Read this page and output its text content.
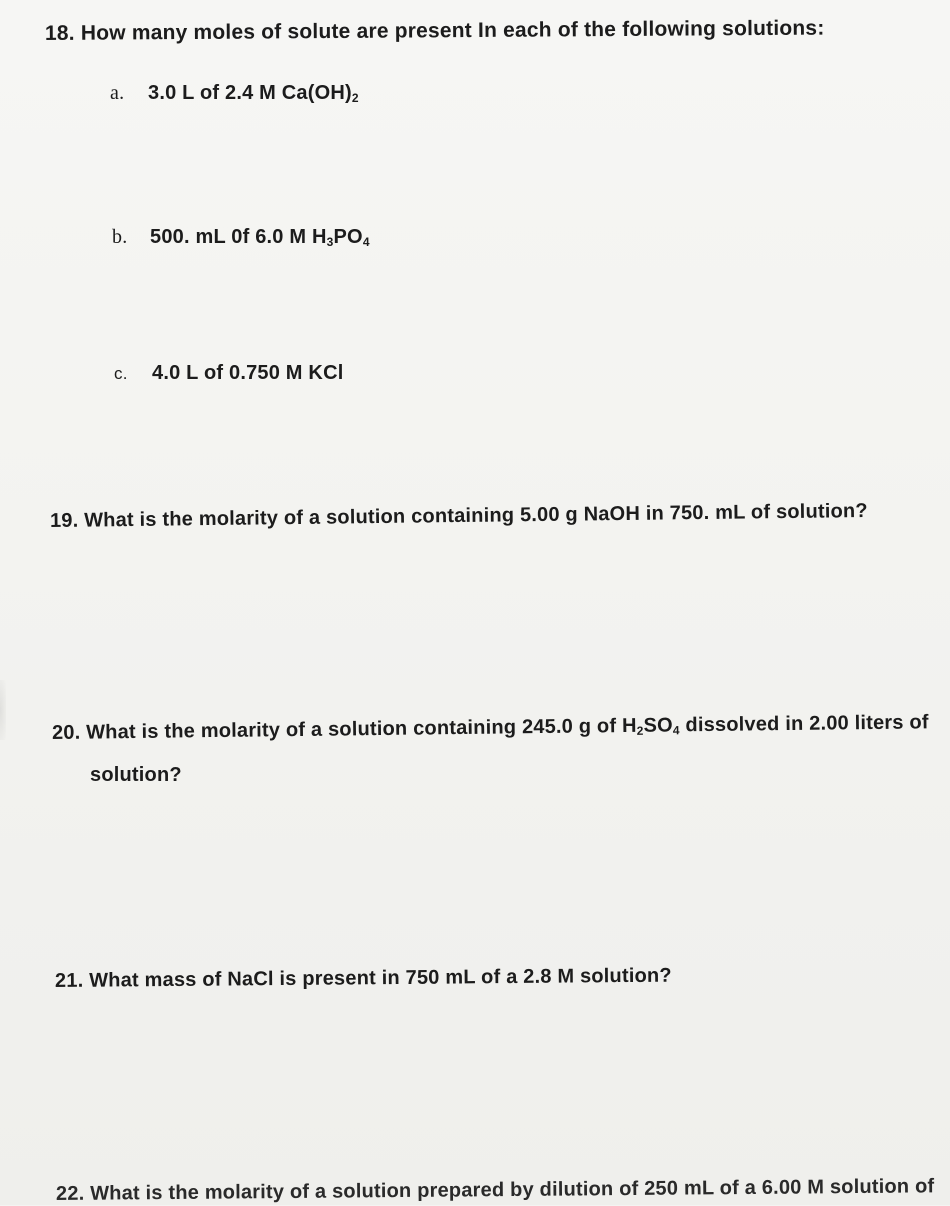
18. How many moles of solute are present In each of the following solutions:
a. 3.0 L of 2.4 M Ca(OH)2
b. 500. mL 0f 6.0 M H3PO4
c. 4.0 L of 0.750 M KCl
19. What is the molarity of a solution containing 5.00 g NaOH in 750. mL of solution?
20. What is the molarity of a solution containing 245.0 g of H2SO4 dissolved in 2.00 liters of
solution?
21. What mass of NaCl is present in 750 mL of a 2.8 M solution?
22. What is the molarity of a solution prepared by dilution of 250 mL of a 6.00 M solution of
